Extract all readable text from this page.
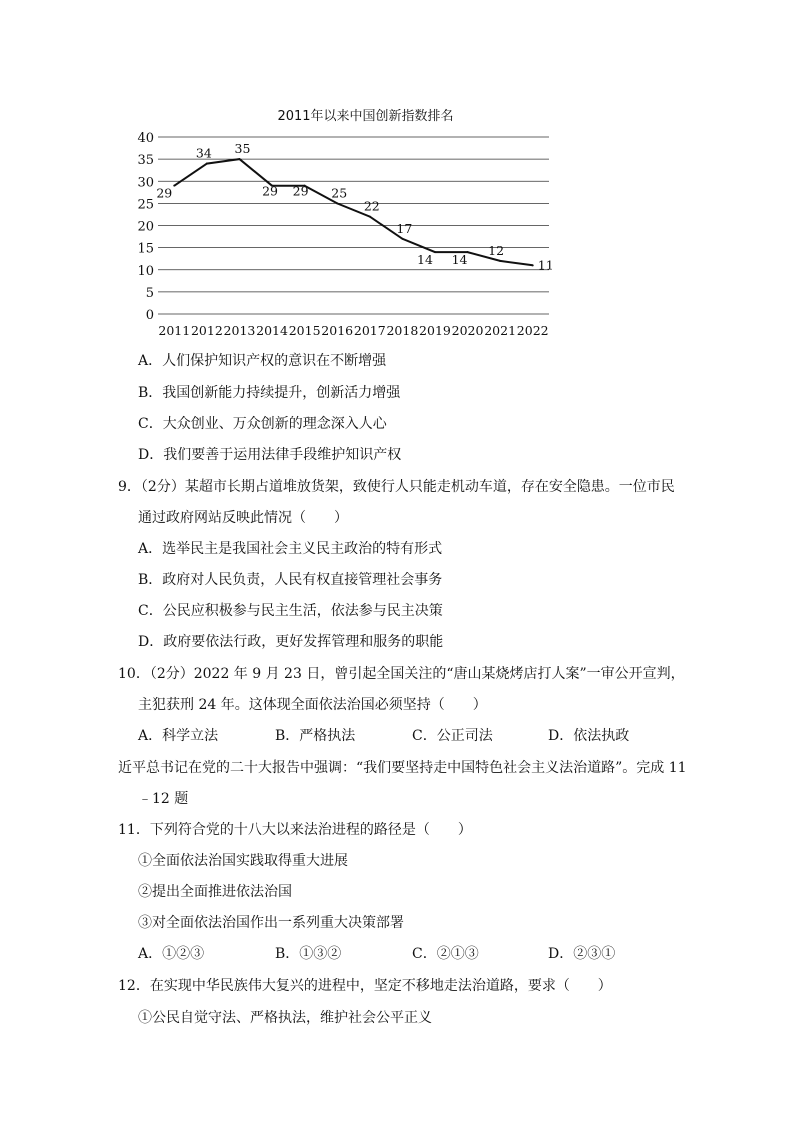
2011年以来中国创新指数排名
0
5
10
15
20
25
30
35
40
2011 2012 2013 2014 2015 2016 2017 2018 2019 2020 2021 2022
29
34 35
29 29 25
22
17
14 14
12
11
A．人们保护知识产权的意识在不断增强
B．我国创新能力持续提升，创新活力增强
C．大众创业、万众创新的理念深入人心
D．我们要善于运用法律手段维护知识产权
9．（2分）某超市长期占道堆放货架，致使行人只能走机动车道，存在安全隐患。一位市民
通过政府网站反映此情况（　　）
A．选举民主是我国社会主义民主政治的特有形式
B．政府对人民负责，人民有权直接管理社会事务
C．公民应积极参与民主生活，依法参与民主决策
D．政府要依法行政，更好发挥管理和服务的职能
10．（2分）2022 年 9 月 23 日，曾引起全国关注的“唐山某烧烤店打人案”一审公开宣判，
主犯获刑 24 年。这体现全面依法治国必须坚持（　　）
A．科学立法	B．严格执法	C．公正司法	D．依法执政
近平总书记在党的二十大报告中强调：“我们要坚持走中国特色社会主义法治道路”。完成 11
﹣12 题
11．下列符合党的十八大以来法治进程的路径是（　　）
①全面依法治国实践取得重大进展
②提出全面推进依法治国
③对全面依法治国作出一系列重大决策部署
A．①②③	B．①③②	C．②①③	D．②③①
12．在实现中华民族伟大复兴的进程中，坚定不移地走法治道路，要求（　　）
①公民自觉守法、严格执法，维护社会公平正义
